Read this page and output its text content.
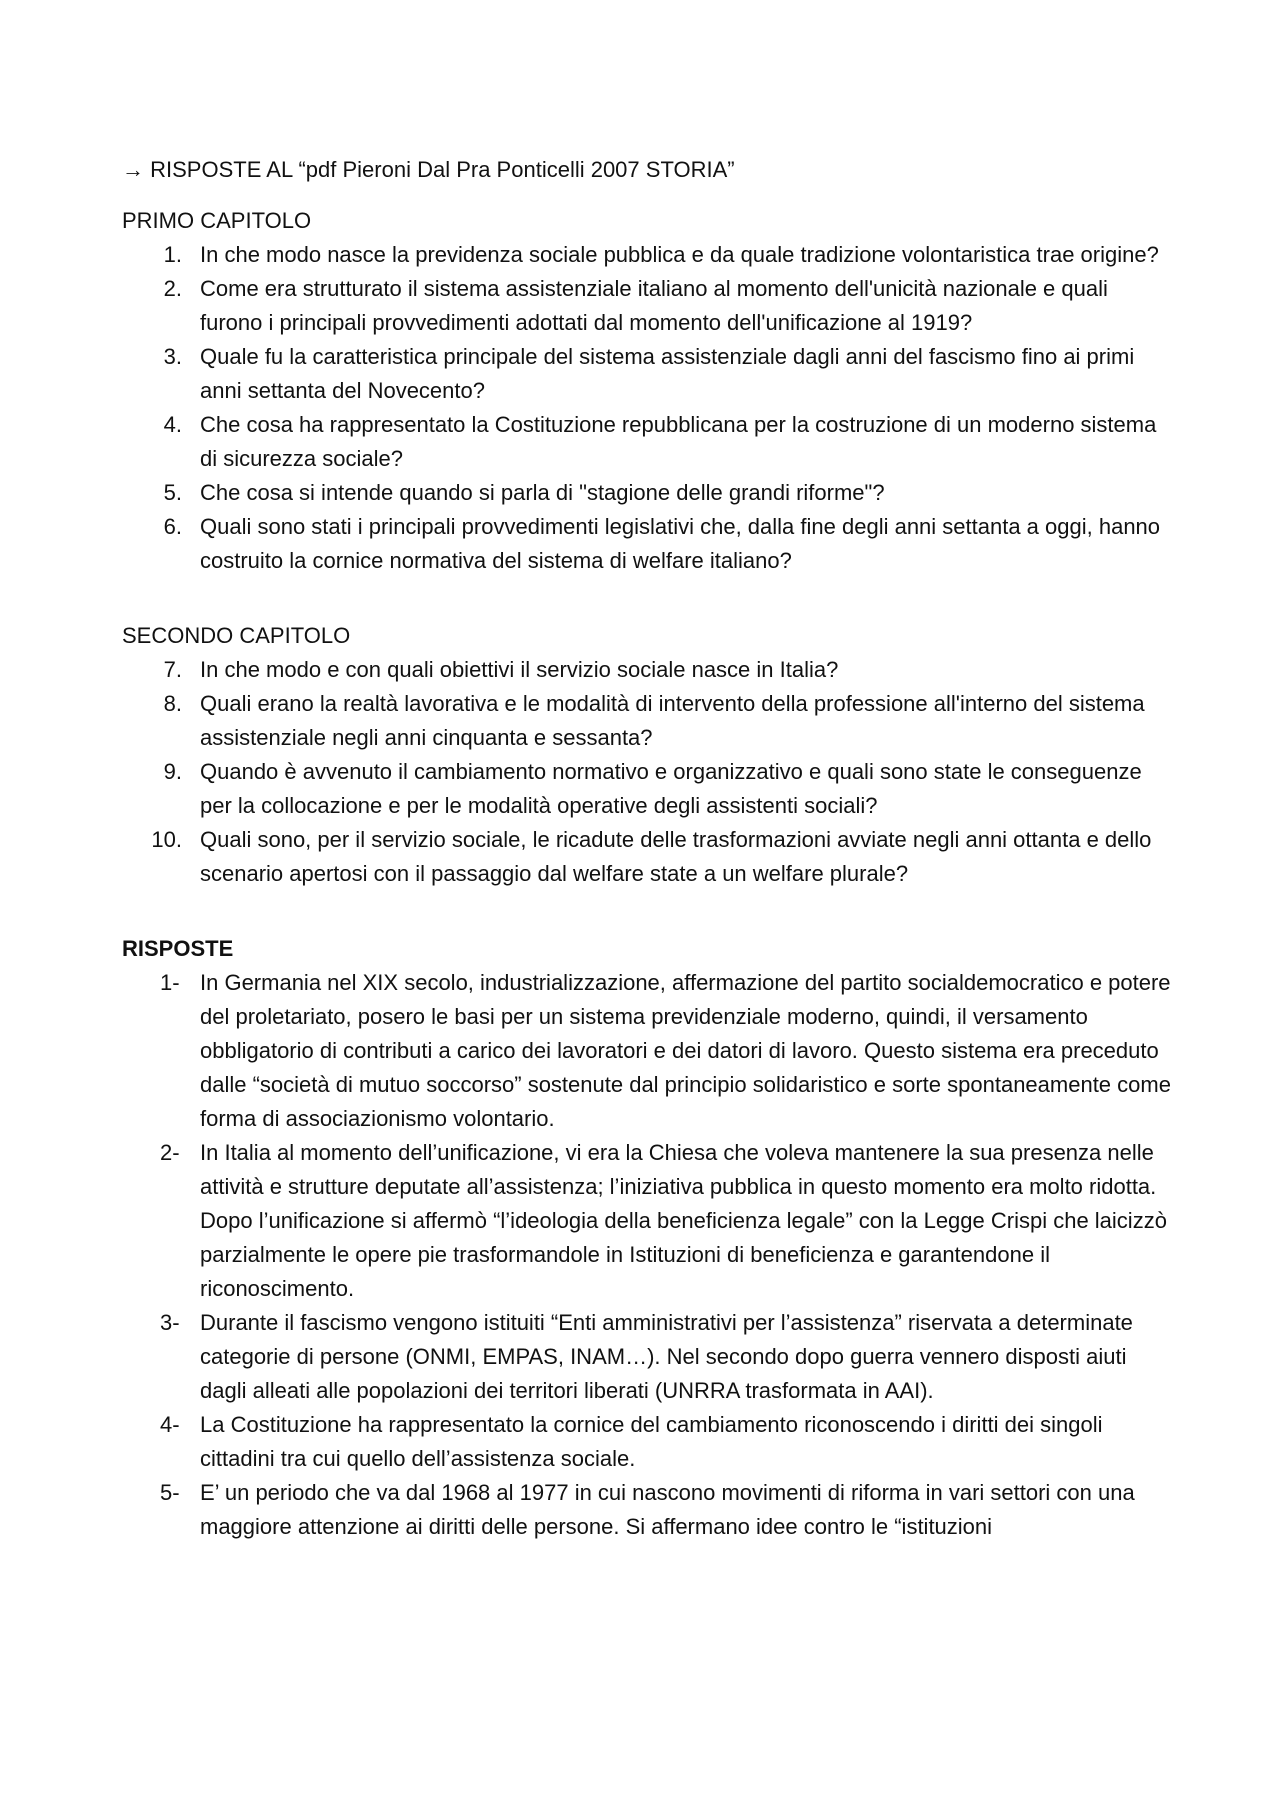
→ RISPOSTE AL “pdf Pieroni Dal Pra Ponticelli 2007 STORIA”

PRIMO CAPITOLO

1. In che modo nasce la previdenza sociale pubblica e da quale tradizione volontaristica trae origine?
2. Come era strutturato il sistema assistenziale italiano al momento dell'unicità nazionale e quali furono i principali provvedimenti adottati dal momento dell'unificazione al 1919?
3. Quale fu la caratteristica principale del sistema assistenziale dagli anni del fascismo fino ai primi anni settanta del Novecento?
4. Che cosa ha rappresentato la Costituzione repubblicana per la costruzione di un moderno sistema di sicurezza sociale?
5. Che cosa si intende quando si parla di "stagione delle grandi riforme"?
6. Quali sono stati i principali provvedimenti legislativi che, dalla fine degli anni settanta a oggi, hanno costruito la cornice normativa del sistema di welfare italiano?

SECONDO CAPITOLO

7. In che modo e con quali obiettivi il servizio sociale nasce in Italia?
8. Quali erano la realtà lavorativa e le modalità di intervento della professione all'interno del sistema assistenziale negli anni cinquanta e sessanta?
9. Quando è avvenuto il cambiamento normativo e organizzativo e quali sono state le conseguenze per la collocazione e per le modalità operative degli assistenti sociali?
10. Quali sono, per il servizio sociale, le ricadute delle trasformazioni avviate negli anni ottanta e dello scenario apertosi con il passaggio dal welfare state a un welfare plurale?

RISPOSTE

1- In Germania nel XIX secolo, industrializzazione, affermazione del partito socialdemocratico e potere del proletariato, posero le basi per un sistema previdenziale moderno, quindi, il versamento obbligatorio di contributi a carico dei lavoratori e dei datori di lavoro. Questo sistema era preceduto dalle “società di mutuo soccorso” sostenute dal principio solidaristico e sorte spontaneamente come forma di associazionismo volontario.
2- In Italia al momento dell’unificazione, vi era la Chiesa che voleva mantenere la sua presenza nelle attività e strutture deputate all’assistenza; l’iniziativa pubblica in questo momento era molto ridotta. Dopo l’unificazione si affermò “l’ideologia della beneficienza legale” con la Legge Crispi che laicizzò parzialmente le opere pie trasformandole in Istituzioni di beneficienza e garantendone il riconoscimento.
3- Durante il fascismo vengono istituiti “Enti amministrativi per l’assistenza” riservata a determinate categorie di persone (ONMI, EMPAS, INAM…). Nel secondo dopo guerra vennero disposti aiuti dagli alleati alle popolazioni dei territori liberati (UNRRA trasformata in AAI).
4- La Costituzione ha rappresentato la cornice del cambiamento riconoscendo i diritti dei singoli cittadini tra cui quello dell’assistenza sociale.
5- E’ un periodo che va dal 1968 al 1977 in cui nascono movimenti di riforma in vari settori con una maggiore attenzione ai diritti delle persone. Si affermano idee contro le “istituzioni
